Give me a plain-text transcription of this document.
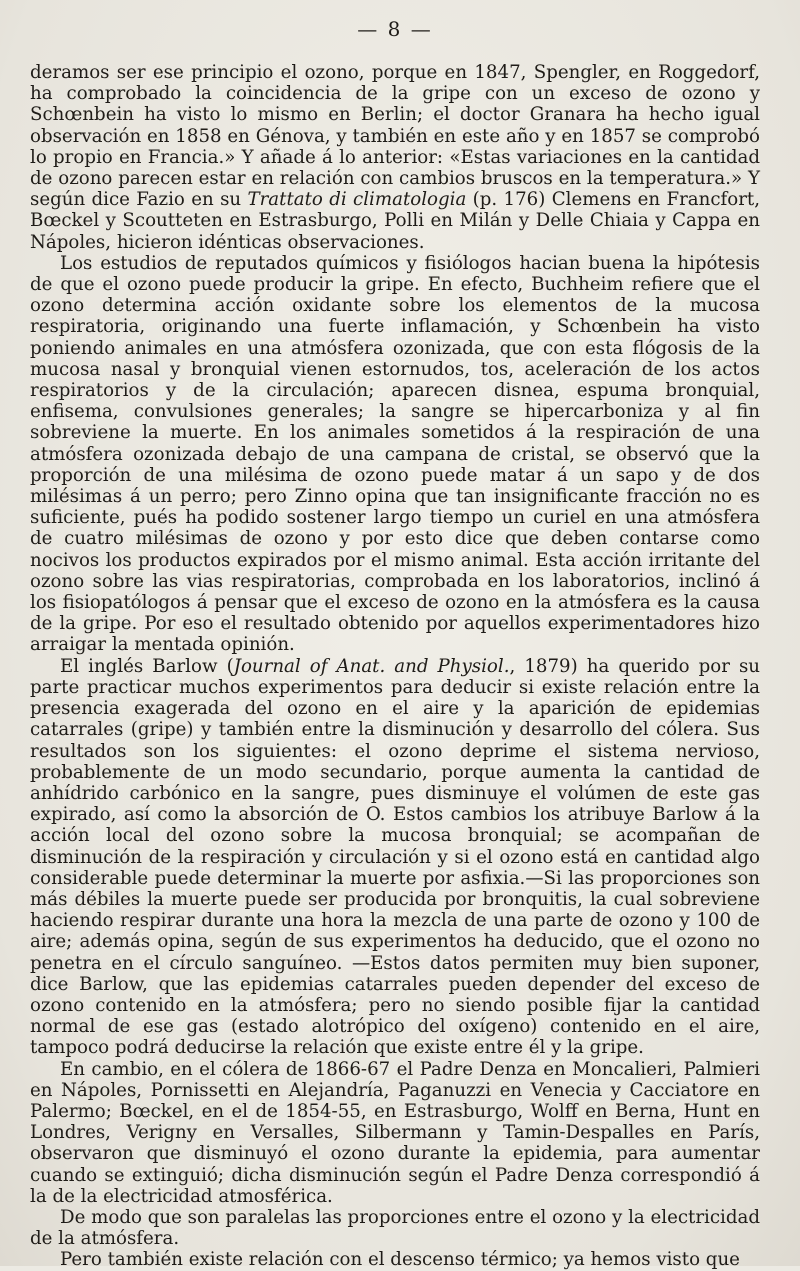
— 8 —

deramos ser ese principio el ozono, porque en 1847, Spengler, en Roggedorf, ha comprobado la coincidencia de la gripe con un exceso de ozono y Schœnbein ha visto lo mismo en Berlin; el doctor Granara ha hecho igual observación en 1858 en Génova, y también en este año y en 1857 se comprobó lo propio en Francia.» Y añade á lo anterior: «Estas variaciones en la cantidad de ozono parecen estar en relación con cambios bruscos en la temperatura.» Y según dice Fazio en su Trattato di climatologia (p. 176) Clemens en Francfort, Bœckel y Scoutteten en Estrasburgo, Polli en Milán y Delle Chiaia y Cappa en Nápoles, hicieron idénticas observaciones.

Los estudios de reputados químicos y fisiólogos hacian buena la hipótesis de que el ozono puede producir la gripe. En efecto, Buchheim refiere que el ozono determina acción oxidante sobre los elementos de la mucosa respiratoria, originando una fuerte inflamación, y Schœnbein ha visto poniendo animales en una atmósfera ozonizada, que con esta flógosis de la mucosa nasal y bronquial vienen estornudos, tos, aceleración de los actos respiratorios y de la circulación; aparecen disnea, espuma bronquial, enfisema, convulsiones generales; la sangre se hipercarboniza y al fin sobreviene la muerte. En los animales sometidos á la respiración de una atmósfera ozonizada debajo de una campana de cristal, se observó que la proporción de una milésima de ozono puede matar á un sapo y de dos milésimas á un perro; pero Zinno opina que tan insignificante fracción no es suficiente, pués ha podido sostener largo tiempo un curiel en una atmósfera de cuatro milésimas de ozono y por esto dice que deben contarse como nocivos los productos expirados por el mismo animal. Esta acción irritante del ozono sobre las vias respiratorias, comprobada en los laboratorios, inclinó á los fisiopatólogos á pensar que el exceso de ozono en la atmósfera es la causa de la gripe. Por eso el resultado obtenido por aquellos experimentadores hizo arraigar la mentada opinión.

El inglés Barlow (Journal of Anat. and Physiol., 1879) ha querido por su parte practicar muchos experimentos para deducir si existe relación entre la presencia exagerada del ozono en el aire y la aparición de epidemias catarrales (gripe) y también entre la disminución y desarrollo del cólera. Sus resultados son los siguientes: el ozono deprime el sistema nervioso, probablemente de un modo secundario, porque aumenta la cantidad de anhídrido carbónico en la sangre, pues disminuye el volúmen de este gas expirado, así como la absorción de O. Estos cambios los atribuye Barlow á la acción local del ozono sobre la mucosa bronquial; se acompañan de disminución de la respiración y circulación y si el ozono está en cantidad algo considerable puede determinar la muerte por asfixia.—Si las proporciones son más débiles la muerte puede ser producida por bronquitis, la cual sobreviene haciendo respirar durante una hora la mezcla de una parte de ozono y 100 de aire; además opina, según de sus experimentos ha deducido, que el ozono no penetra en el círculo sanguíneo. —Estos datos permiten muy bien suponer, dice Barlow, que las epidemias catarrales pueden depender del exceso de ozono contenido en la atmósfera; pero no siendo posible fijar la cantidad normal de ese gas (estado alotrópico del oxígeno) contenido en el aire, tampoco podrá deducirse la relación que existe entre él y la gripe.

En cambio, en el cólera de 1866-67 el Padre Denza en Moncalieri, Palmieri en Nápoles, Pornissetti en Alejandría, Paganuzzi en Venecia y Cacciatore en Palermo; Bœckel, en el de 1854-55, en Estrasburgo, Wolff en Berna, Hunt en Londres, Verigny en Versalles, Silbermann y Tamin-Despalles en París, observaron que disminuyó el ozono durante la epidemia, para aumentar cuando se extinguió; dicha disminución según el Padre Denza correspondió á la de la electricidad atmosférica.

De modo que son paralelas las proporciones entre el ozono y la electricidad de la atmósfera.

Pero también existe relación con el descenso térmico; ya hemos visto que
